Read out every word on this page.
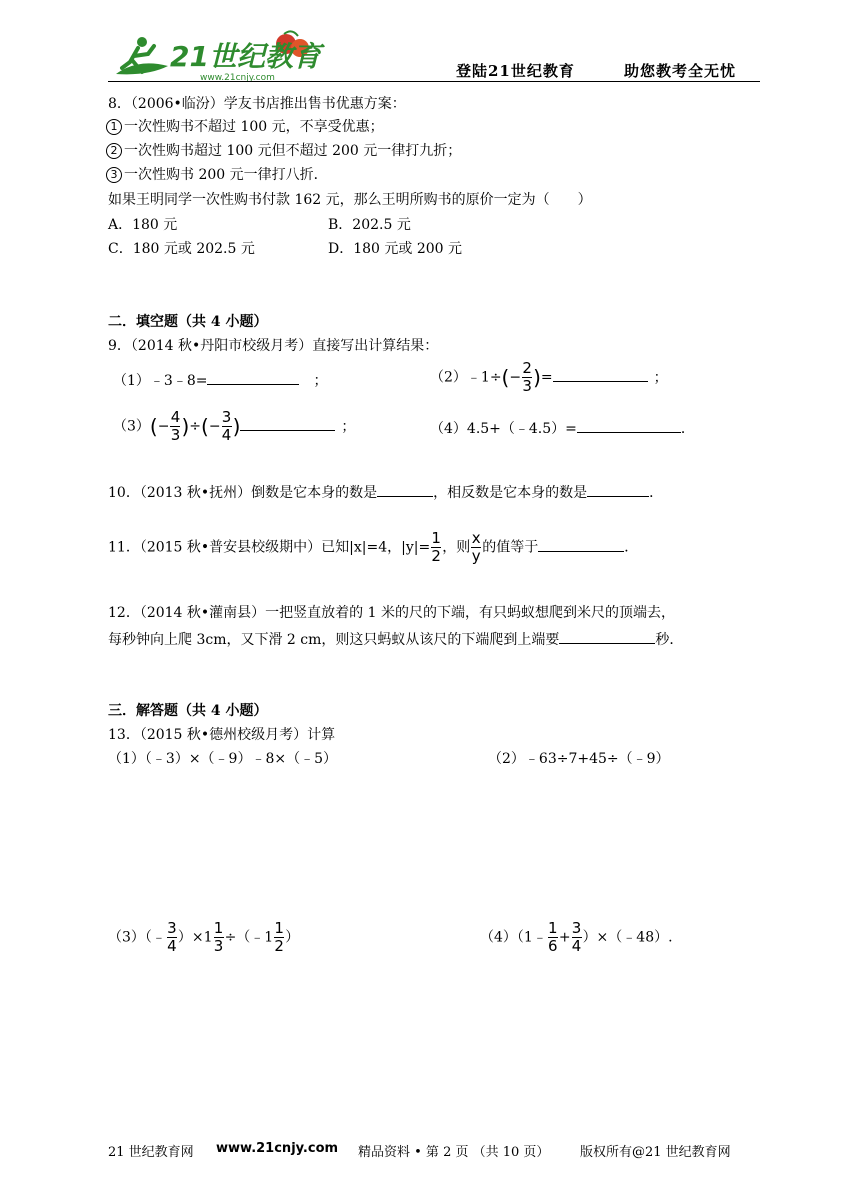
21世纪教育
www.21cnjy.com	登陆21世纪教育	助您教考全无忧
8．（2006•临汾）学友书店推出售书优惠方案：
1 一次性购书不超过 100 元，不享受优惠；
2 一次性购书超过 100 元但不超过 200 元一律打九折；
3 一次性购书 200 元一律打八折．
如果王明同学一次性购书付款 162 元，那么王明所购书的原价一定为（　　）
A．180 元	B．202.5 元
C．180 元或 202.5 元	D．180 元或 200 元
二．填空题（共 4 小题）
9．（2014 秋•丹阳市校级月考）直接写出计算结果：
（1）﹣3﹣8=	；	（2）﹣1÷(− $\frac{2}{3}$ )=	；
$(3)(- \frac{4}{3}$ )÷(− $\frac{3}{4}$ )	；	（4）4.5+（﹣4.5）=	．
10．（2013 秋•抚州）倒数是它本身的数是	，相反数是它本身的数是	．
11．（2015 秋•普安县校级期中）已知|x|=4，$|y|= \frac{1}{2}$ ，则 $\frac{x}{y}$ 的值等于	．
12．（2014 秋•灌南县）一把竖直放着的 1 米的尺的下端，有只蚂蚁想爬到米尺的顶端去，
每秒钟向上爬 3cm，又下滑 2 cm，则这只蚂蚁从该尺的下端爬到上端要	秒．
三．解答题（共 4 小题）
13．（2015 秋•德州校级月考）计算
（1）（﹣3）×（﹣9）﹣8×（﹣5）	（2）﹣63÷7+45÷（﹣9）
（3）（﹣ $\frac{3}{4} )\times 1 \frac{1}{3}$ ÷（﹣1 $\frac{1}{2}$ ）	（4）（1﹣ $\frac{1}{6} + \frac{3}{4}$ ）×（﹣48）.
21 世纪教育网 www.21cnjy.com 精品资料 • 第 2 页 （共 10 页） 版权所有@21 世纪教育网
